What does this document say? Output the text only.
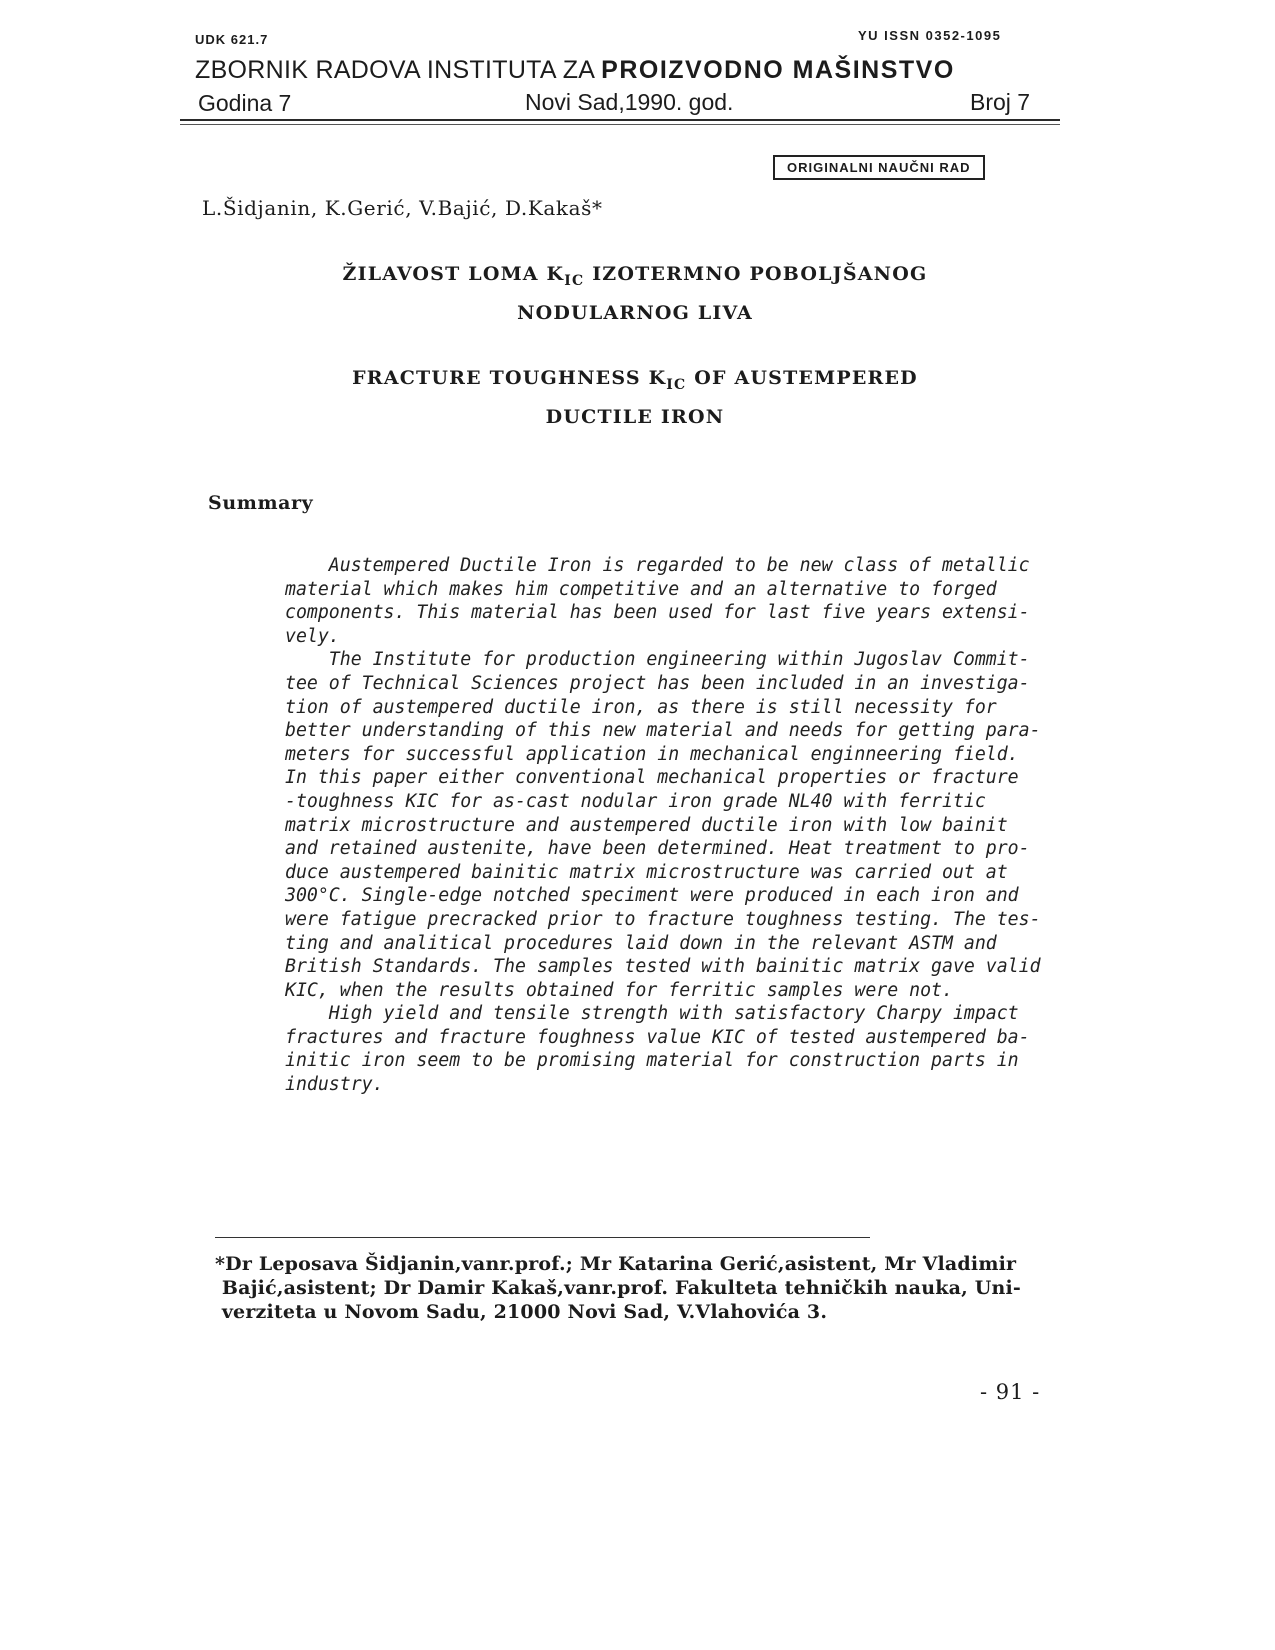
UDK 621.7	YU ISSN 0352-1095
ZBORNIK RADOVA INSTITUTA ZA PROIZVODNO MAŠINSTVO
Godina 7	Novi Sad,1990. god.	Broj 7
ORIGINALNI NAUČNI RAD
L.Šidjanin, K.Gerić, V.Bajić, D.Kakaš*
ŽILAVOST LOMA $K_{IC}$ IZOTERMNO POBOLJŠANOG
NODULARNOG LIVA
FRACTURE TOUGHNESS $K_{IC}$ OF AUSTEMPERED
DUCTILE IRON
Summary
Austempered Ductile Iron is regarded to be new class of metallic
material which makes him competitive and an alternative to forged
components. This material has been used for last five years extensi-
vely.
The Institute for production engineering within Jugoslav Commit-
tee of Technical Sciences project has been included in an investiga-
tion of austempered ductile iron, as there is still necessity for
better understanding of this new material and needs for getting para-
meters for successful application in mechanical enginneering field.
In this paper either conventional mechanical properties or fracture
-toughness KIC for as-cast nodular iron grade NL40 with ferritic
matrix microstructure and austempered ductile iron with low bainit
and retained austenite, have been determined. Heat treatment to pro-
duce austempered bainitic matrix microstructure was carried out at
300°C. Single-edge notched speciment were produced in each iron and
were fatigue precracked prior to fracture toughness testing. The tes-
ting and analitical procedures laid down in the relevant ASTM and
British Standards. The samples tested with bainitic matrix gave valid
KIC, when the results obtained for ferritic samples were not.
High yield and tensile strength with satisfactory Charpy impact
fractures and fracture foughness value KIC of tested austempered ba-
initic iron seem to be promising material for construction parts in
industry.
*Dr Leposava Šidjanin,vanr.prof.; Mr Katarina Gerić,asistent, Mr Vladimir
Bajić,asistent; Dr Damir Kakaš,vanr.prof. Fakulteta tehničkih nauka, Uni-
verziteta u Novom Sadu, 21000 Novi Sad, V.Vlahovića 3.
- 91 -
